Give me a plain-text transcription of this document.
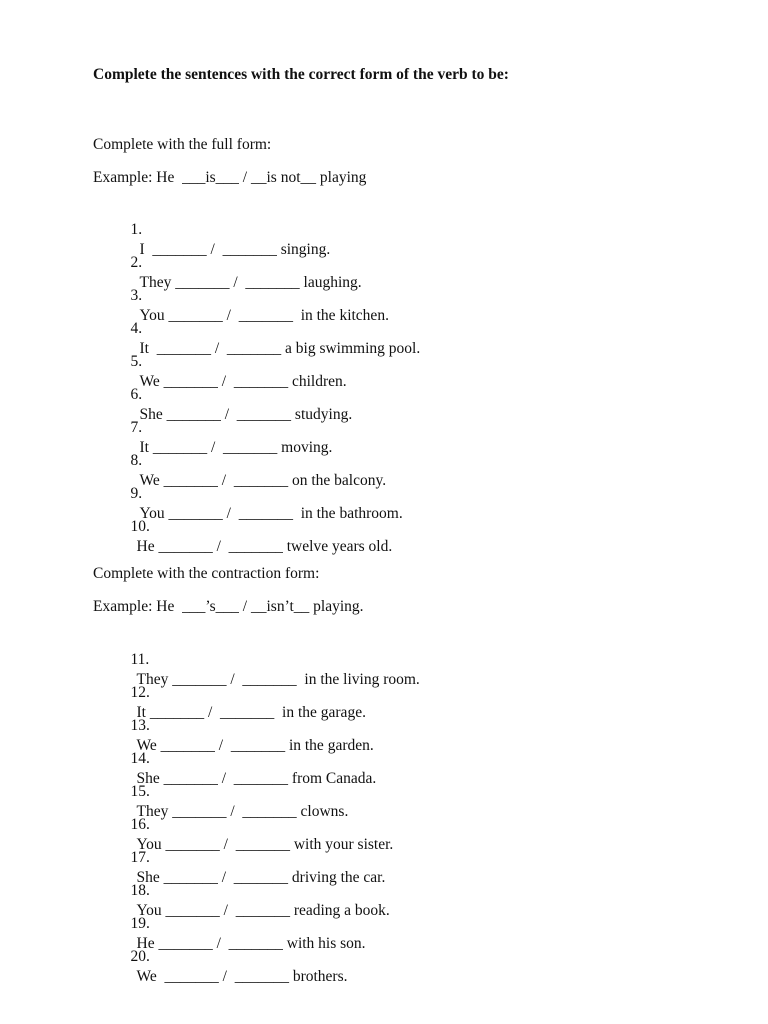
Complete the sentences with the correct form of the verb to be:
Complete with the full form:
Example: He  ___is___ / __is not__ playing

1.
I  _______ /  _______ singing.

2.
They _______ /  _______ laughing.

3.
You _______ /  _______  in the kitchen.

4.
It  _______ /  _______ a big swimming pool.

5.
We _______ /  _______ children.

6.
She _______ /  _______ studying.

7.
It _______ /  _______ moving.

8.
We _______ /  _______ on the balcony.

9.
You _______ /  _______  in the bathroom.

10.
He _______ /  _______ twelve years old.

Complete with the contraction form:
Example: He  ___’s___ / __isn’t__ playing.

11.
They _______ /  _______  in the living room.

12.
It _______ /  _______  in the garage.

13.
We _______ /  _______ in the garden.

14.
She _______ /  _______ from Canada.

15.
They _______ /  _______ clowns.

16.
You _______ /  _______ with your sister.

17.
She _______ /  _______ driving the car.

18.
You _______ /  _______ reading a book.

19.
He _______ /  _______ with his son.

20.
We  _______ /  _______ brothers.
